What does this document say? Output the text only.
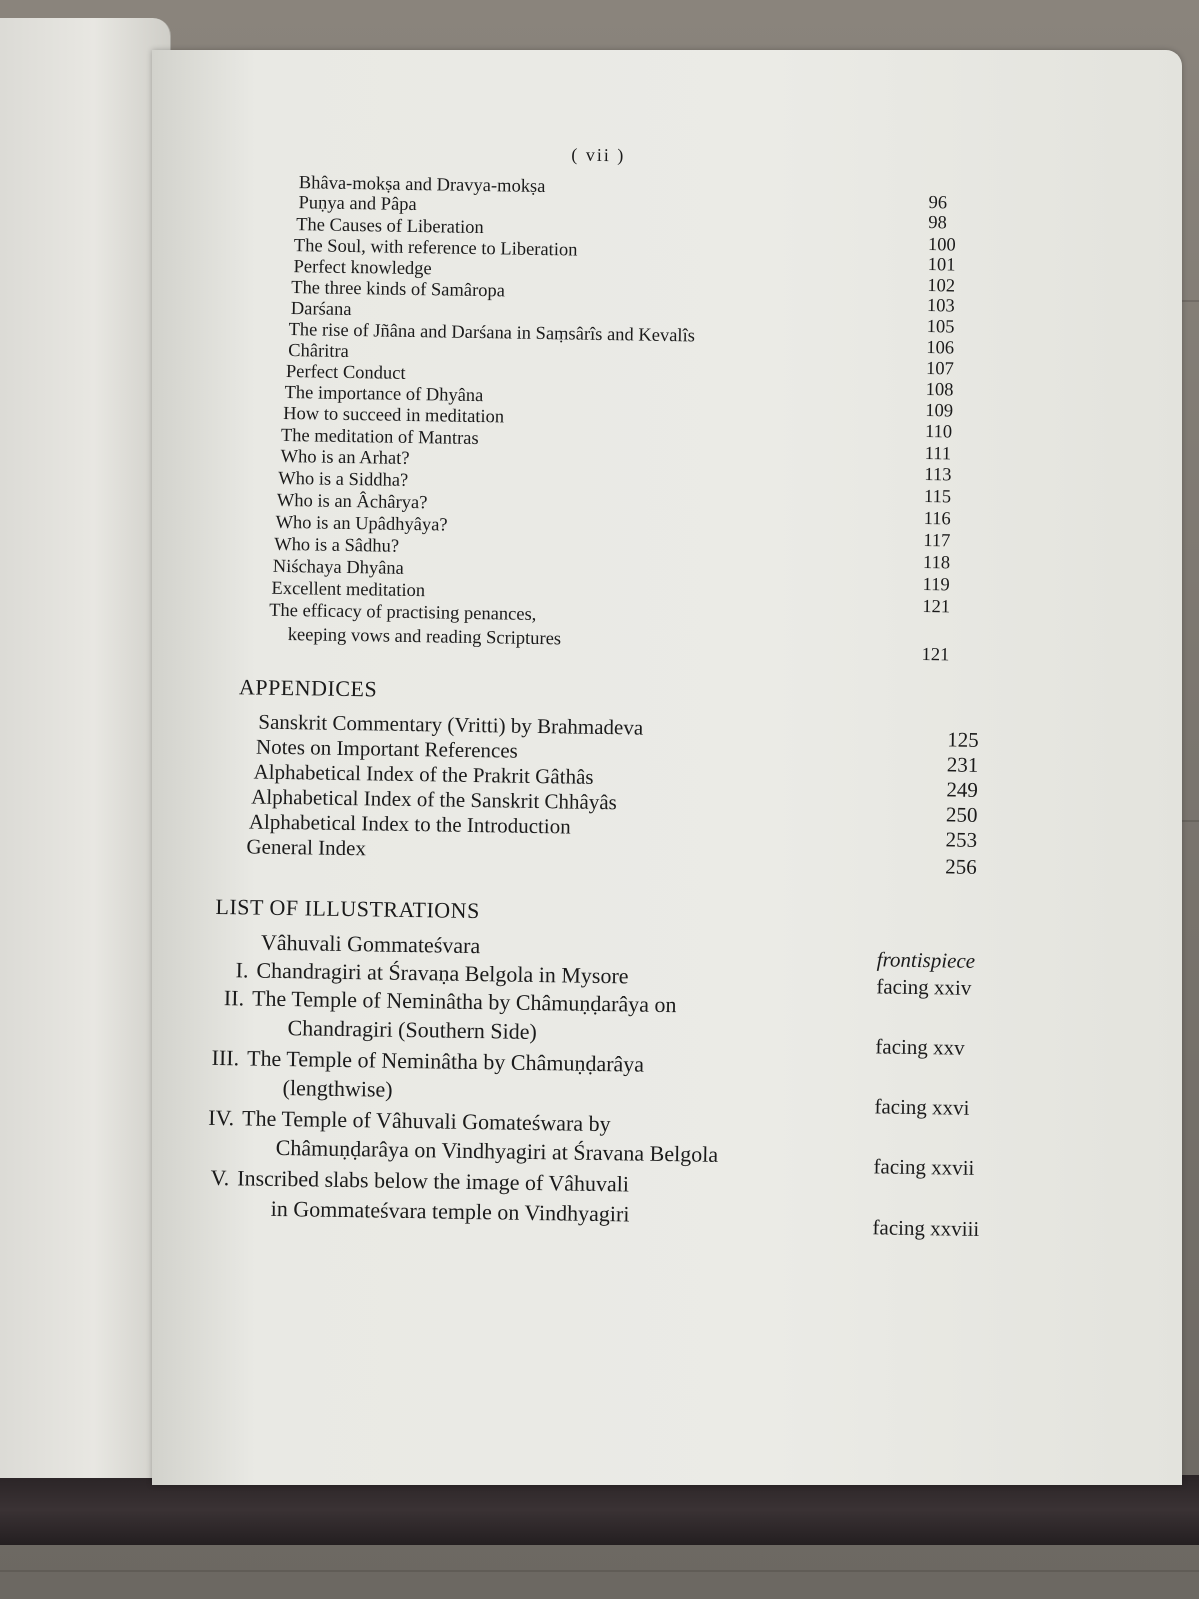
( vii )
Bhâva-mokṣa and Dravya-mokṣa
96
Puṇya and Pâpa
98
The Causes of Liberation
100
The Soul, with reference to Liberation
101
Perfect knowledge
102
The three kinds of Samâropa
103
Darśana
105
The rise of Jñâna and Darśana in Saṃsârîs and Kevalîs
106
Châritra
107
Perfect Conduct
108
The importance of Dhyâna
109
How to succeed in meditation
110
The meditation of Mantras
111
Who is an Arhat?
113
Who is a Siddha?
115
Who is an Âchârya?
116
Who is an Upâdhyâya?
117
Who is a Sâdhu?
118
Niśchaya Dhyâna
119
Excellent meditation
121
The efficacy of practising penances,
keeping vows and reading Scriptures
121
APPENDICES
Sanskrit Commentary (Vritti) by Brahmadeva
125
Notes on Important References
231
Alphabetical Index of the Prakrit Gâthâs
249
Alphabetical Index of the Sanskrit Chhâyâs
250
Alphabetical Index to the Introduction
253
General Index
256
LIST OF ILLUSTRATIONS
Vâhuvali Gommateśvara
frontispiece
I. Chandragiri at Śravaṇa Belgola in Mysore	facing xxiv
II. The Temple of Neminâtha by Châmuṇḍarâya on
Chandragiri (Southern Side)
facing xxv
III. The Temple of Neminâtha by Châmuṇḍarâya
(lengthwise)
facing xxvi
IV. The Temple of Vâhuvali Gomateśwara by
Châmuṇḍarâya on Vindhyagiri at Śravana Belgola
facing xxvii
V. Inscribed slabs below the image of Vâhuvali
in Gommateśvara temple on Vindhyagiri
facing xxviii
